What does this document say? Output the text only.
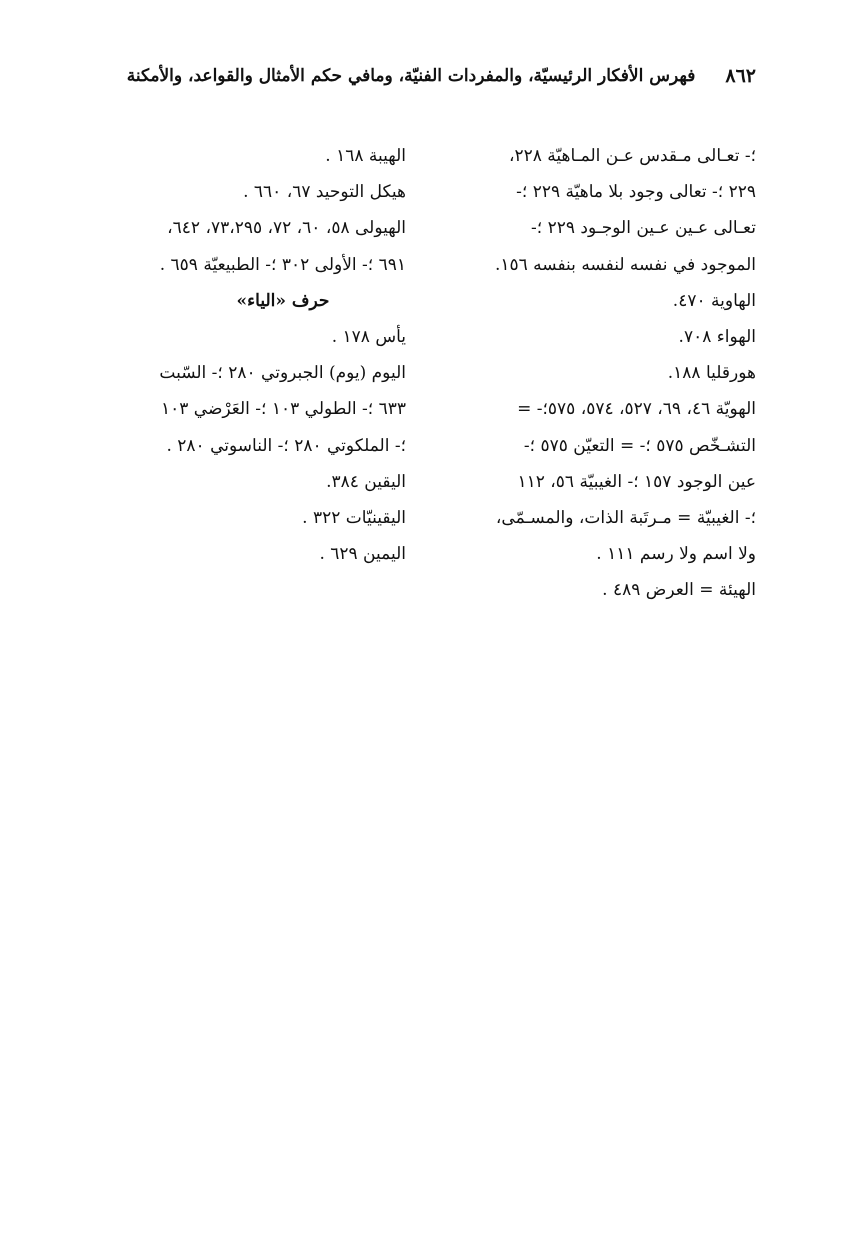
٨٦٢
فهرس الأفكار الرئيسيّة، والمفردات الفنيّة، ومافي حكم الأمثال والقواعد، والأمكنة
؛- تعـالى مـقدس عـن المـاهيّة ٢٢٨،
٢٢٩ ؛- تعالى وجود بلا ماهيّة ٢٢٩ ؛-
تعـالى عـين عـين الوجـود ٢٢٩ ؛-
الموجود في نفسه لنفسه بنفسه ١٥٦.
الهاوية ٤٧٠.
الهواء ٧٠٨.
هورقليا ١٨٨.
الهويّة ٤٦، ٦٩، ٥٢٧، ٥٧٤، ٥٧٥؛- =
التشـخّص ٥٧٥ ؛- = التعيّن ٥٧٥ ؛-
عين الوجود ١٥٧ ؛- الغيبيّة ٥٦، ١١٢
؛- الغيبيّة = مـرتَبة الذات، والمسـمّى،
ولا اسم ولا رسم ١١١ .
الهيئة = العرض ٤٨٩ .
الهيبة ١٦٨ .
هيكل التوحيد ٦٧، ٦٦٠ .
الهيولى ٥٨، ٦٠، ٧٢، ٧٣،٢٩٥، ٦٤٢،
٦٩١ ؛- الأولى ٣٠٢ ؛- الطبيعيّة ٦٥٩ .
حرف «الياء»
يأس ١٧٨ .
اليوم (يوم) الجبروتي ٢٨٠ ؛- السّبت
٦٣٣ ؛- الطولي ١٠٣ ؛- العَرْضي ١٠٣
؛- الملكوتي ٢٨٠ ؛- الناسوتي ٢٨٠ .
اليقين ٣٨٤.
اليقينيّات ٣٢٢ .
اليمين ٦٢٩ .
